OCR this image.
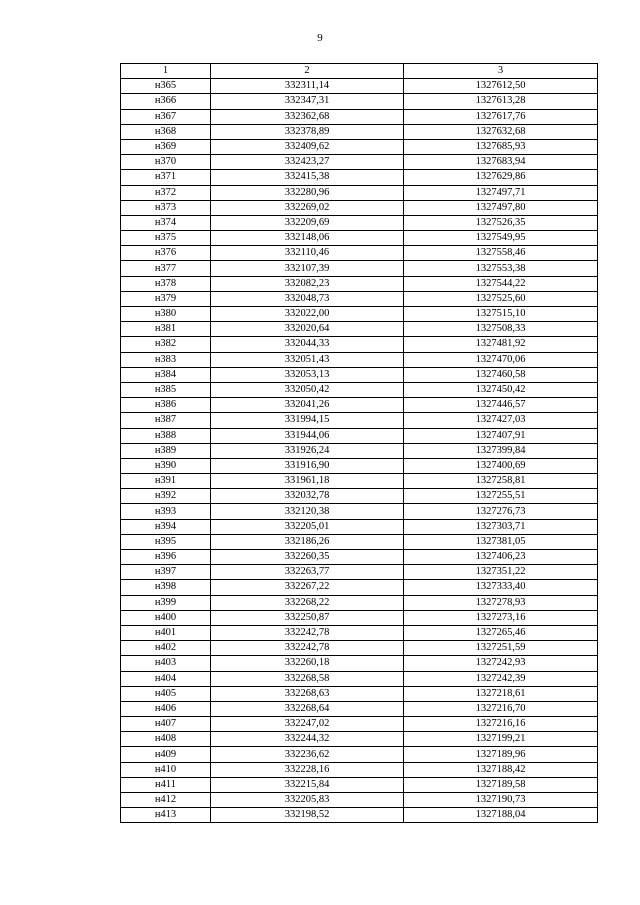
9
1	2	3
н365	332311,14	1327612,50
н366	332347,31	1327613,28
н367	332362,68	1327617,76
н368	332378,89	1327632,68
н369	332409,62	1327685,93
н370	332423,27	1327683,94
н371	332415,38	1327629,86
н372	332280,96	1327497,71
н373	332269,02	1327497,80
н374	332209,69	1327526,35
н375	332148,06	1327549,95
н376	332110,46	1327558,46
н377	332107,39	1327553,38
н378	332082,23	1327544,22
н379	332048,73	1327525,60
н380	332022,00	1327515,10
н381	332020,64	1327508,33
н382	332044,33	1327481,92
н383	332051,43	1327470,06
н384	332053,13	1327460,58
н385	332050,42	1327450,42
н386	332041,26	1327446,57
н387	331994,15	1327427,03
н388	331944,06	1327407,91
н389	331926,24	1327399,84
н390	331916,90	1327400,69
н391	331961,18	1327258,81
н392	332032,78	1327255,51
н393	332120,38	1327276,73
н394	332205,01	1327303,71
н395	332186,26	1327381,05
н396	332260,35	1327406,23
н397	332263,77	1327351,22
н398	332267,22	1327333,40
н399	332268,22	1327278,93
н400	332250,87	1327273,16
н401	332242,78	1327265,46
н402	332242,78	1327251,59
н403	332260,18	1327242,93
н404	332268,58	1327242,39
н405	332268,63	1327218,61
н406	332268,64	1327216,70
н407	332247,02	1327216,16
н408	332244,32	1327199,21
н409	332236,62	1327189,96
н410	332228,16	1327188,42
н411	332215,84	1327189,58
н412	332205,83	1327190,73
н413	332198,52	1327188,04
